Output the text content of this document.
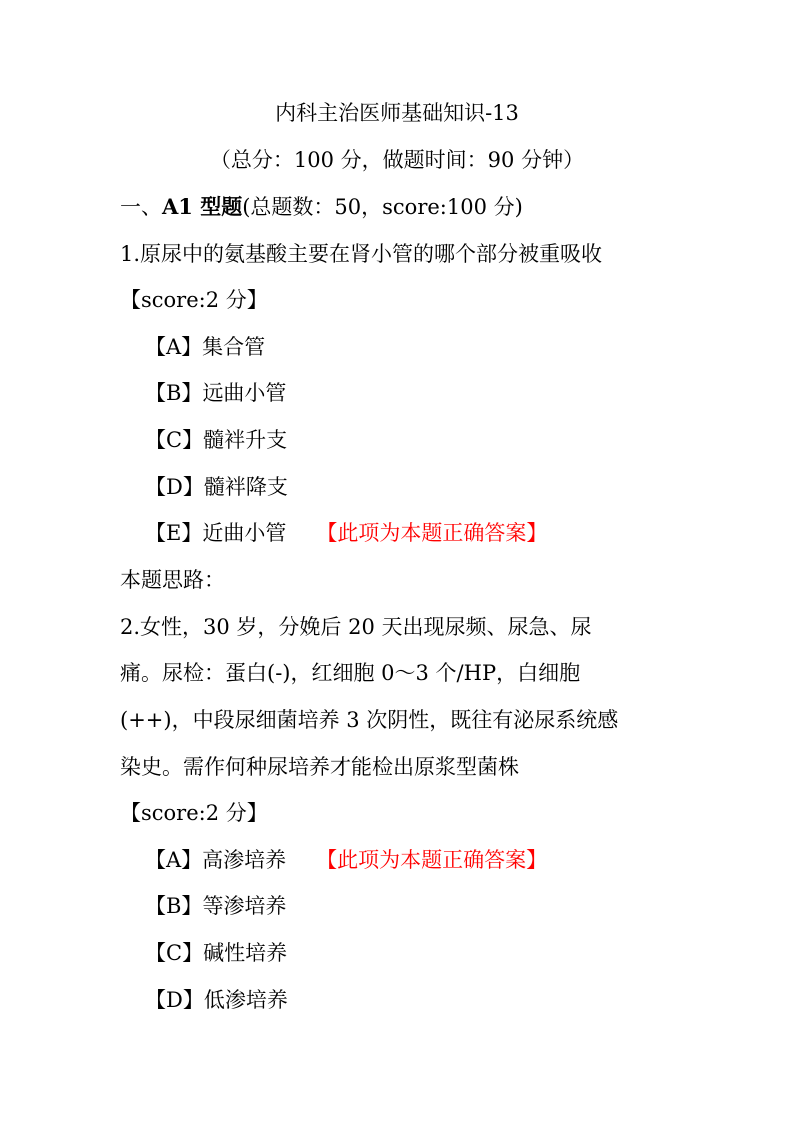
内科主治医师基础知识-13
（总分：100 分，做题时间：90 分钟）
一、A1 型题(总题数：50，score:100 分)
1.原尿中的氨基酸主要在肾小管的哪个部分被重吸收
【score:2 分】
【A】集合管
【B】远曲小管
【C】髓袢升支
【D】髓袢降支
【E】近曲小管 【此项为本题正确答案】
本题思路：
2.女性，30 岁，分娩后 20 天出现尿频、尿急、尿
痛。尿检：蛋白(-)，红细胞 0～3 个/HP，白细胞
(++)，中段尿细菌培养 3 次阴性，既往有泌尿系统感
染史。需作何种尿培养才能检出原浆型菌株
【score:2 分】
【A】高渗培养 【此项为本题正确答案】
【B】等渗培养
【C】碱性培养
【D】低渗培养
